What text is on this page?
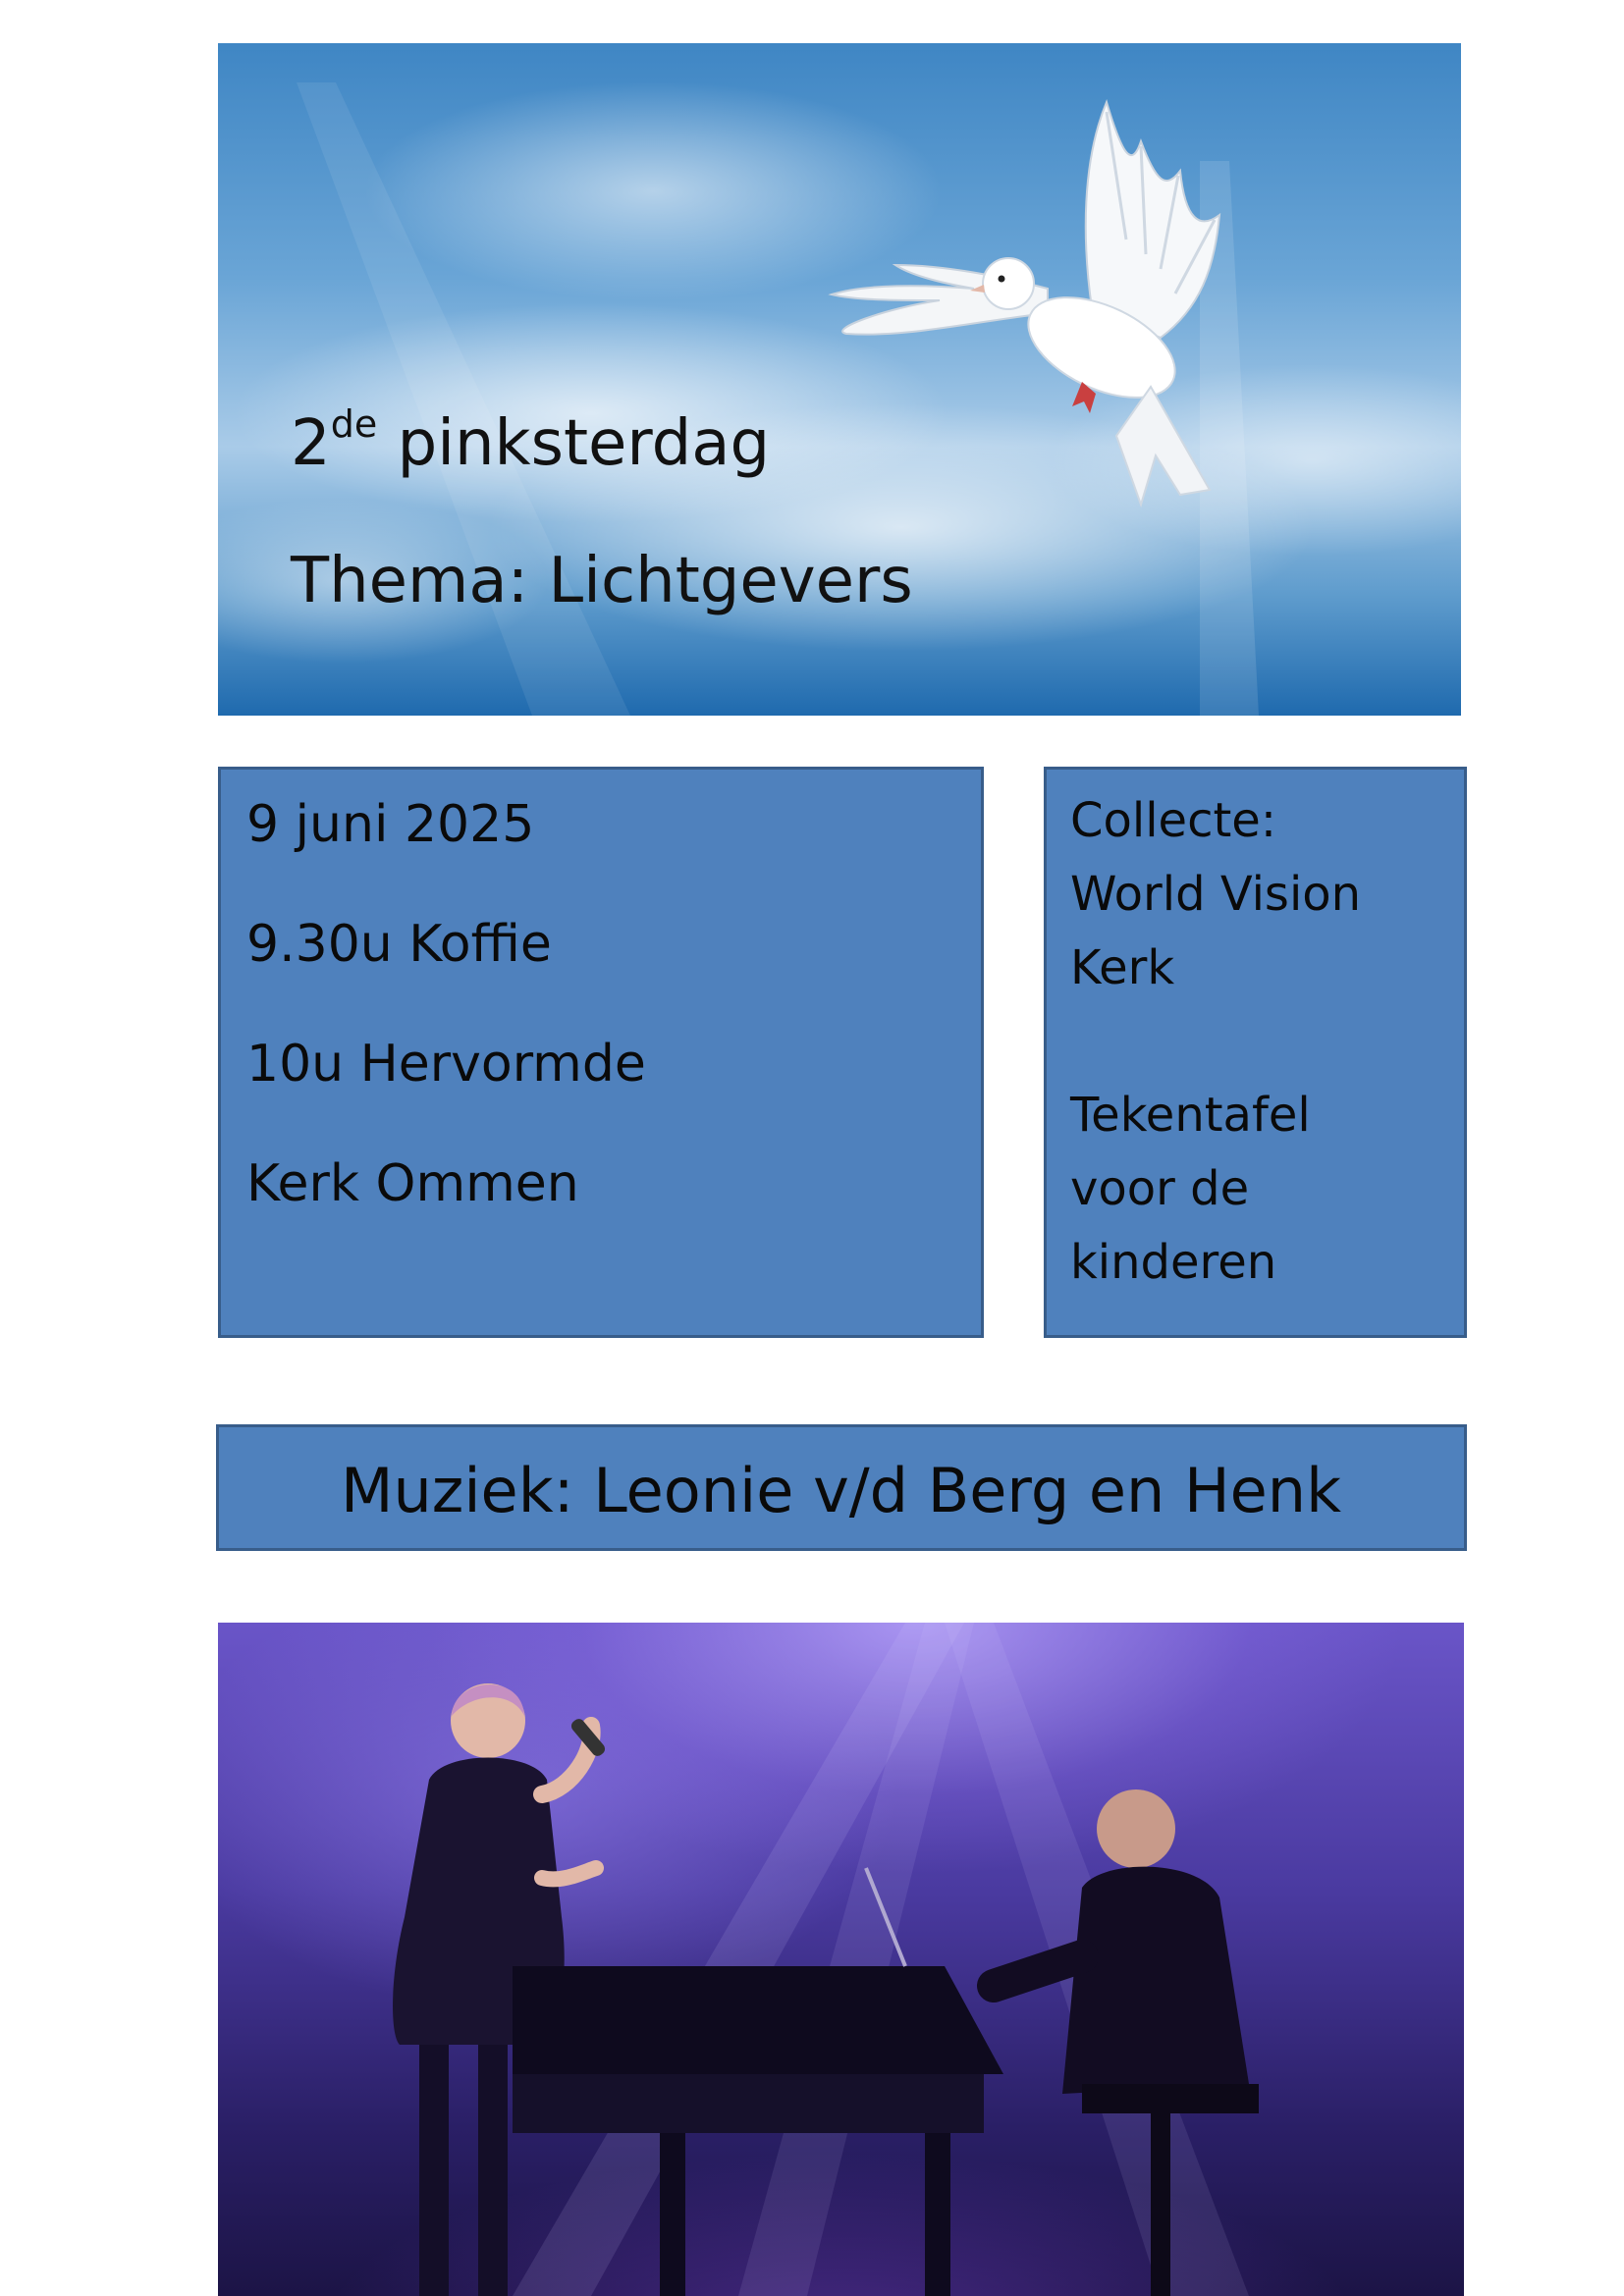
2de pinksterdag
Thema: Lichtgevers
9 juni 2025
9.30u Koffie
10u Hervormde
Kerk Ommen
Collecte:
World Vision
Kerk
Tekentafel
voor de
kinderen
Muziek: Leonie v/d Berg en Henk
